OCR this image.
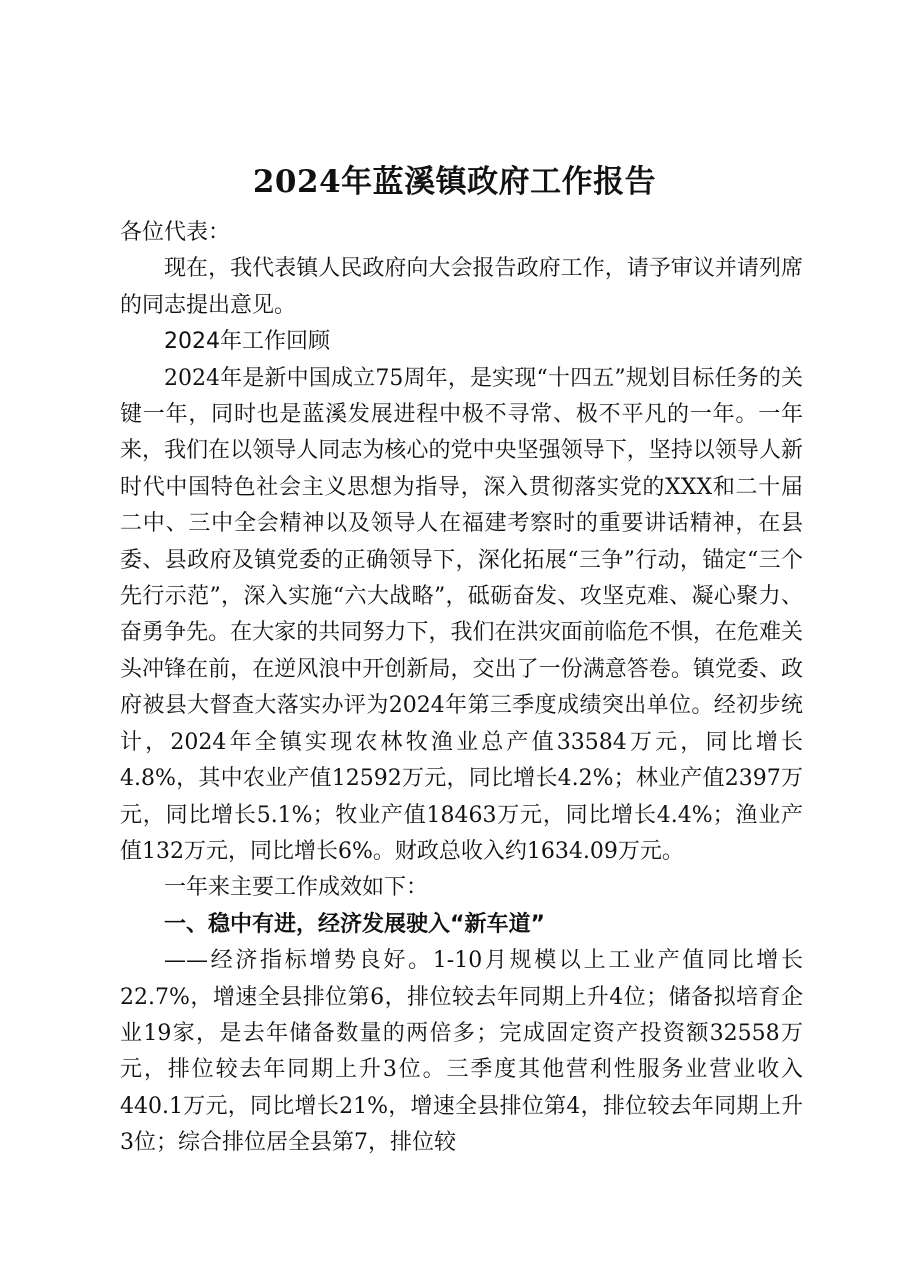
2024年蓝溪镇政府工作报告

各位代表：

现在，我代表镇人民政府向大会报告政府工作，请予审议并请列席的同志提出意见。

2024年工作回顾

2024年是新中国成立75周年，是实现“十四五”规划目标任务的关键一年，同时也是蓝溪发展进程中极不寻常、极不平凡的一年。一年来，我们在以领导人同志为核心的党中央坚强领导下，坚持以领导人新时代中国特色社会主义思想为指导，深入贯彻落实党的XXX和二十届二中、三中全会精神以及领导人在福建考察时的重要讲话精神，在县委、县政府及镇党委的正确领导下，深化拓展“三争”行动，锚定“三个先行示范”，深入实施“六大战略”，砥砺奋发、攻坚克难、凝心聚力、奋勇争先。在大家的共同努力下，我们在洪灾面前临危不惧，在危难关头冲锋在前，在逆风浪中开创新局，交出了一份满意答卷。镇党委、政府被县大督查大落实办评为2024年第三季度成绩突出单位。经初步统计，2024年全镇实现农林牧渔业总产值33584万元，同比增长4.8%，其中农业产值12592万元，同比增长4.2%；林业产值2397万元，同比增长5.1%；牧业产值18463万元，同比增长4.4%；渔业产值132万元，同比增长6%。财政总收入约1634.09万元。

一年来主要工作成效如下：

一、稳中有进，经济发展驶入“新车道”

——经济指标增势良好。1-10月规模以上工业产值同比增长22.7%，增速全县排位第6，排位较去年同期上升4位；储备拟培育企业19家，是去年储备数量的两倍多；完成固定资产投资额32558万元，排位较去年同期上升3位。三季度其他营利性服务业营业收入440.1万元，同比增长21%，增速全县排位第4，排位较去年同期上升3位；综合排位居全县第7，排位较
